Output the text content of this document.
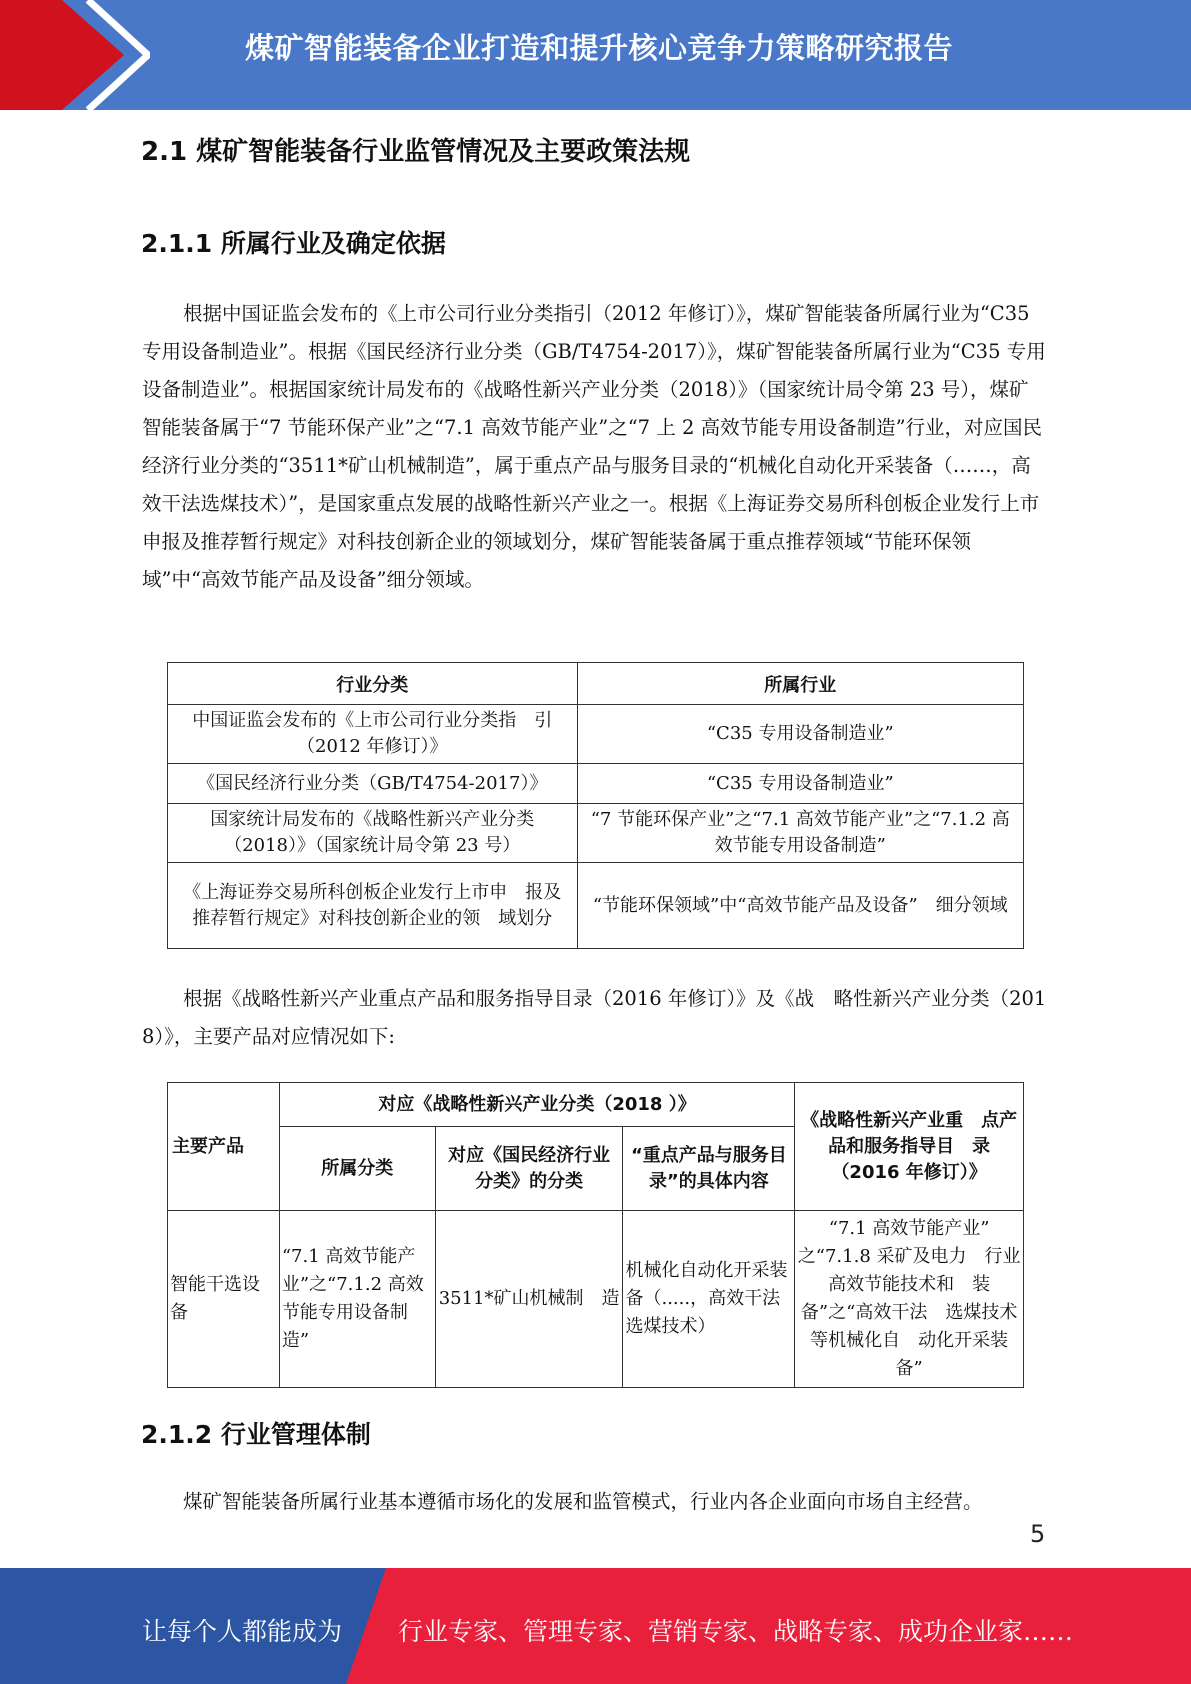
煤矿智能装备企业打造和提升核心竞争力策略研究报告
2.1 煤矿智能装备行业监管情况及主要政策法规
2.1.1 所属行业及确定依据

根据中国证监会发布的《上市公司行业分类指引（2012 年修订）》，煤矿智能装备所属行业为“C35 专用设备制造业”。根据《国民经济行业分类（GB/T4754-2017）》，煤矿智能装备所属行业为“C35 专用设备制造业”。根据国家统计局发布的《战略性新兴产业分类（2018）》（国家统计局令第 23 号），煤矿智能装备属于“7 节能环保产业”之“7.1 高效节能产业”之“7 上 2 高效节能专用设备制造”行业，对应国民经济行业分类的“3511*矿山机械制造”，属于重点产品与服务目录的“机械化自动化开采装备（……，高效干法选煤技术）”，是国家重点发展的战略性新兴产业之一。根据《上海证券交易所科创板企业发行上市申报及推荐暂行规定》对科技创新企业的领域划分，煤矿智能装备属于重点推荐领域“节能环保领域”中“高效节能产品及设备”细分领域。

行业分类	所属行业
中国证监会发布的《上市公司行业分类指　引（2012 年修订）》	“C35 专用设备制造业”
《国民经济行业分类（GB/T4754-2017）》	“C35 专用设备制造业”
国家统计局发布的《战略性新兴产业分类（2018）》（国家统计局令第 23 号）	“7 节能环保产业”之“7.1 高效节能产业”之“7.1.2 高效节能专用设备制造”
《上海证券交易所科创板企业发行上市申　报及推荐暂行规定》对科技创新企业的领　域划分	“节能环保领域”中“高效节能产品及设备”　细分领域

根据《战略性新兴产业重点产品和服务指导目录（2016 年修订）》及《战　略性新兴产业分类（2018）》，主要产品对应情况如下:

主要产品	对应《战略性新兴产业分类（2018 ）》			《战略性新兴产业重　点产品和服务指导目　录（2016 年修订）》
	所属分类	对应《国民经济行业分类》的分类	“重点产品与服务目录”的具体内容	
智能干选设备	“7.1 高效节能产业”之“7.1.2 高效节能专用设备制造”	3511*矿山机械制　造	机械化自动化开采装备（.....，高效干法选煤技术）	“7.1 高效节能产业”　之“7.1.8 采矿及电力　行业高效节能技术和　装备”之“高效干法　选煤技术等机械化自　动化开采装备”
2.1.2 行业管理体制

煤矿智能装备所属行业基本遵循市场化的发展和监管模式，行业内各企业面向市场自主经营。

5
让每个人都能成为 行业专家、管理专家、营销专家、战略专家、成功企业家……
